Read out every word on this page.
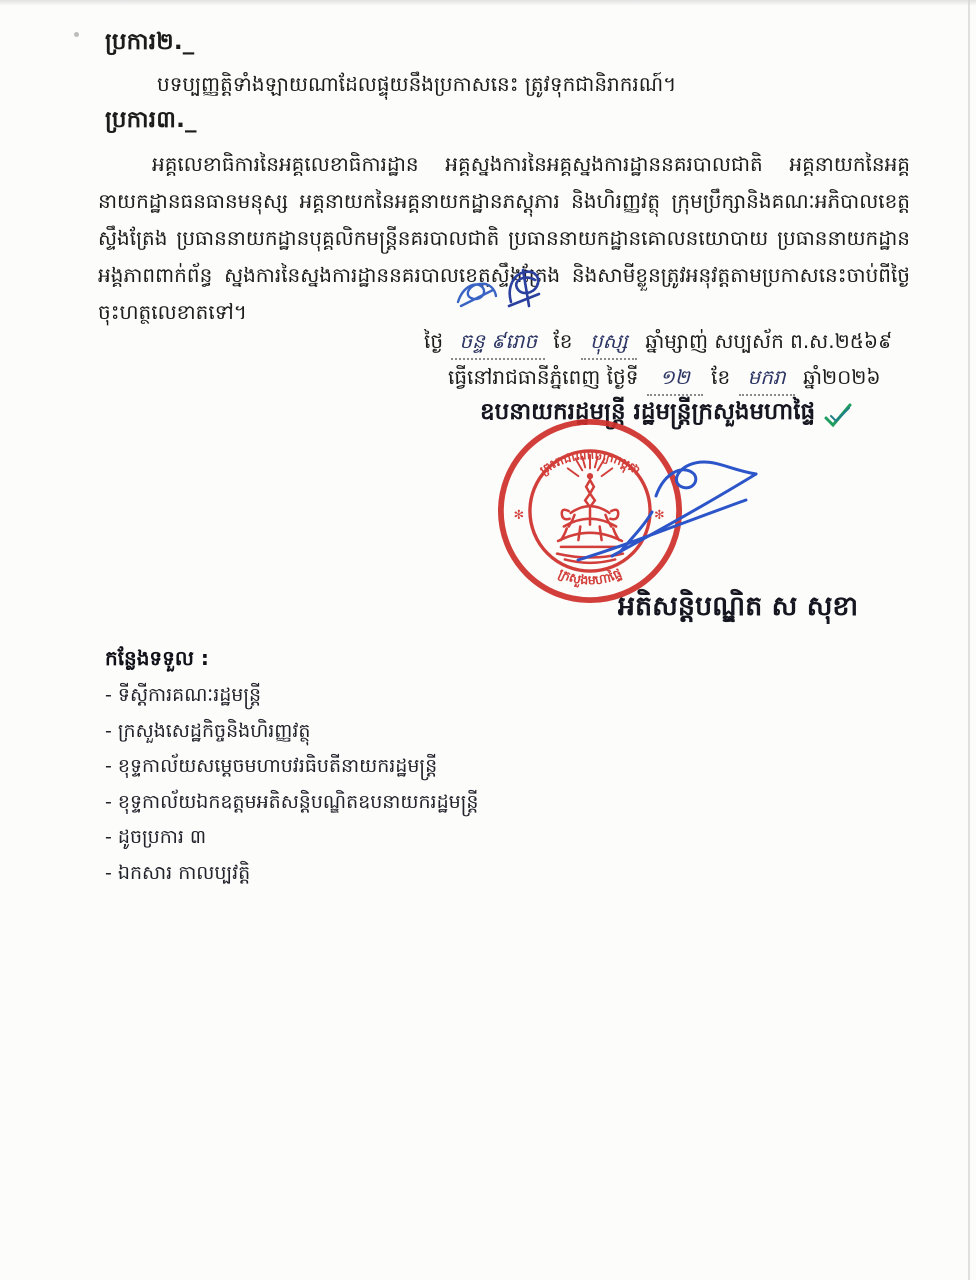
ប្រការ២._
បទប្បញ្ញត្តិទាំងឡាយណាដែលផ្ទុយនឹងប្រកាសនេះ ត្រូវទុកជានិរាករណ៍។
ប្រការ៣._
អគ្គលេខាធិការនៃអគ្គលេខាធិការដ្ឋាន អគ្គស្នងការនៃអគ្គស្នងការដ្ឋាននគរបាលជាតិ អគ្គនាយកនៃអគ្គនាយកដ្ឋានធនធានមនុស្ស អគ្គនាយកនៃអគ្គនាយកដ្ឋានភស្តុភារ និងហិរញ្ញវត្ថុ ក្រុមប្រឹក្សានិងគណៈអភិបាលខេត្តស្ទឹងត្រែង ប្រធាននាយកដ្ឋានបុគ្គលិកមន្ត្រីនគរបាលជាតិ ប្រធាននាយកដ្ឋានគោលនយោបាយ ប្រធាននាយកដ្ឋាន អង្គភាពពាក់ព័ន្ធ ស្នងការនៃស្នងការដ្ឋាននគរបាលខេត្តស្ទឹងត្រែង និងសាមីខ្លួនត្រូវអនុវត្តតាមប្រកាសនេះចាប់ពីថ្ងៃចុះហត្ថលេខាតទៅ។
ថ្ងៃ ចន្ទ ៩រោច ខែ បុស្ស ឆ្នាំម្សាញ់ សប្បស័ក ព.ស.២៥៦៩
ធ្វើនៅរាជធានីភ្នំពេញ ថ្ងៃទី ១២ ខែ មករា ឆ្នាំ២០២៦
ឧបនាយករដ្ឋមន្ត្រី រដ្ឋមន្ត្រីក្រសួងមហាផ្ទៃ
ព្រះរាជាណាចក្រកម្ពុជា
ក្រសួងមហាផ្ទៃ
✻	✻
អតិសន្តិបណ្ឌិត ស សុខា
កន្លែងទទួល :
- ទីស្តីការគណៈរដ្ឋមន្ត្រី
- ក្រសួងសេដ្ឋកិច្ចនិងហិរញ្ញវត្ថុ
- ខុទ្ទកាល័យសម្តេចមហាបវរធិបតីនាយករដ្ឋមន្ត្រី
- ខុទ្ទកាល័យឯកឧត្តមអតិសន្តិបណ្ឌិតឧបនាយករដ្ឋមន្ត្រី
- ដូចប្រការ ៣
- ឯកសារ កាលប្បវត្តិ
